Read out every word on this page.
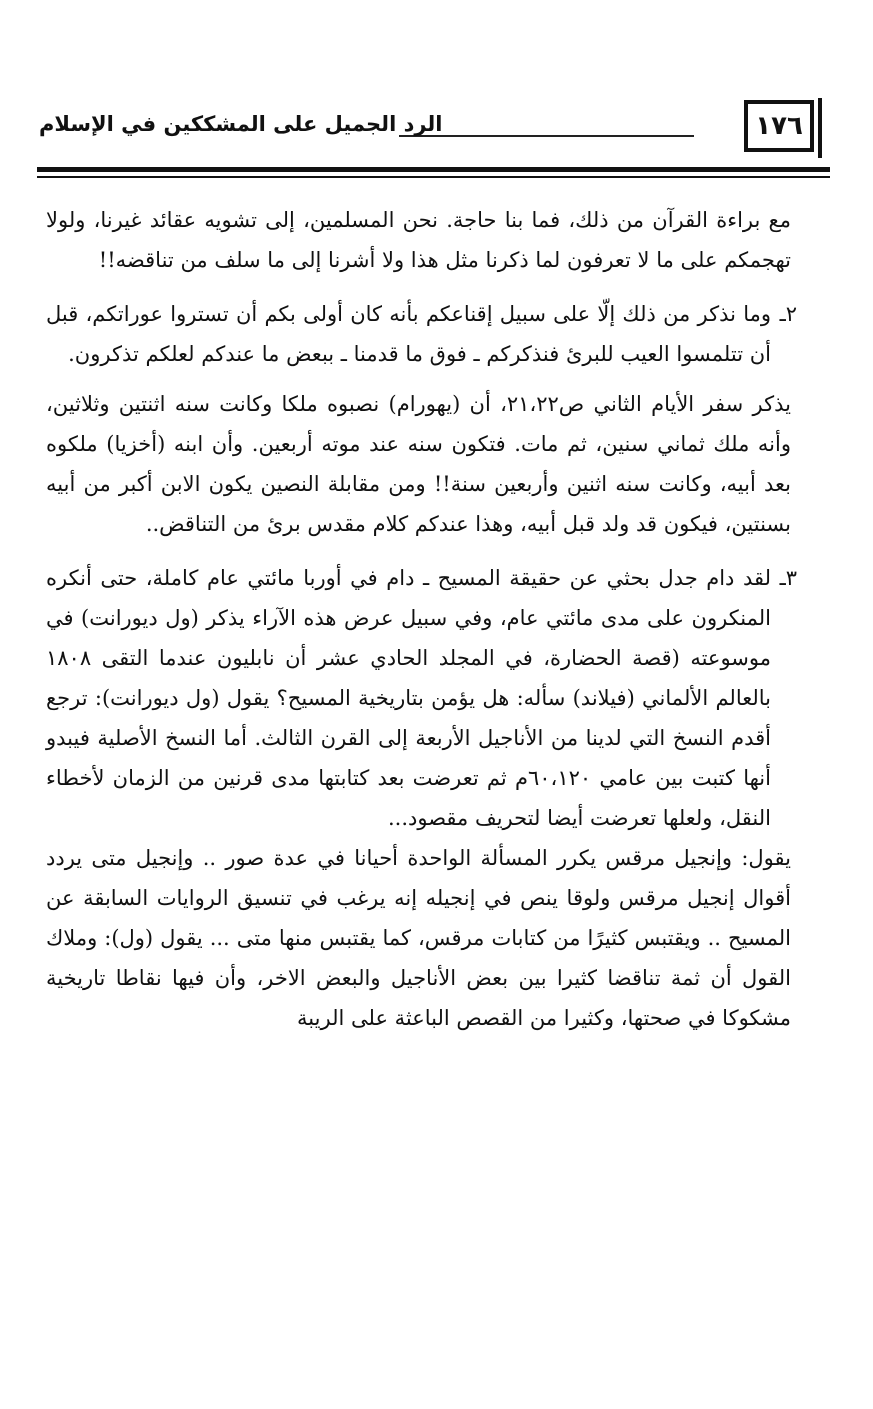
١٧٦
الرد الجميل على المشككين في الإسلام

مع براءة القرآن من ذلك، فما بنا حاجة. نحن المسلمين، إلى تشويه عقائد غيرنا، ولولا تهجمكم على ما لا تعرفون لما ذكرنا مثل هذا ولا أشرنا إلى ما سلف من تناقضه!!

٢ـ

وما نذكر من ذلك إلّا على سبيل إقناعكم بأنه كان أولى بكم أن تستروا عوراتكم، قبل أن تتلمسوا العيب للبرئ فنذكركم ـ فوق ما قدمنا ـ ببعض ما عندكم لعلكم تذكرون.

يذكر سفر الأيام الثاني ص٢١،٢٢، أن (يهورام) نصبوه ملكا وكانت سنه اثنتين وثلاثين، وأنه ملك ثماني سنين، ثم مات. فتكون سنه عند موته أربعين. وأن ابنه (أخزيا) ملكوه بعد أبيه، وكانت سنه اثنين وأربعين سنة!! ومن مقابلة النصين يكون الابن أكبر من أبيه بسنتين، فيكون قد ولد قبل أبيه، وهذا عندكم كلام مقدس برئ من التناقض..

٣ـ

لقد دام جدل بحثي عن حقيقة المسيح ـ دام في أوربا مائتي عام كاملة، حتى أنكره المنكرون على مدى مائتي عام، وفي سبيل عرض هذه الآراء يذكر (ول ديورانت) في موسوعته (قصة الحضارة، في المجلد الحادي عشر أن نابليون عندما التقى ١٨٠٨ بالعالم الألماني (فيلاند) سأله: هل يؤمن بتاريخية المسيح؟ يقول (ول ديورانت): ترجع أقدم النسخ التي لدينا من الأناجيل الأربعة إلى القرن الثالث. أما النسخ الأصلية فيبدو أنها كتبت بين عامي ٦٠،١٢٠م ثم تعرضت بعد كتابتها مدى قرنين من الزمان لأخطاء النقل، ولعلها تعرضت أيضا لتحريف مقصود...

يقول: وإنجيل مرقس يكرر المسألة الواحدة أحيانا في عدة صور .. وإنجيل متى يردد أقوال إنجيل مرقس ولوقا ينص في إنجيله إنه يرغب في تنسيق الروايات السابقة عن المسيح .. ويقتبس كثيرًا من كتابات مرقس، كما يقتبس منها متى ... يقول (ول): وملاك القول أن ثمة تناقضا كثيرا بين بعض الأناجيل والبعض الاخر، وأن فيها نقاطا تاريخية مشكوكا في صحتها، وكثيرا من القصص الباعثة على الريبة
